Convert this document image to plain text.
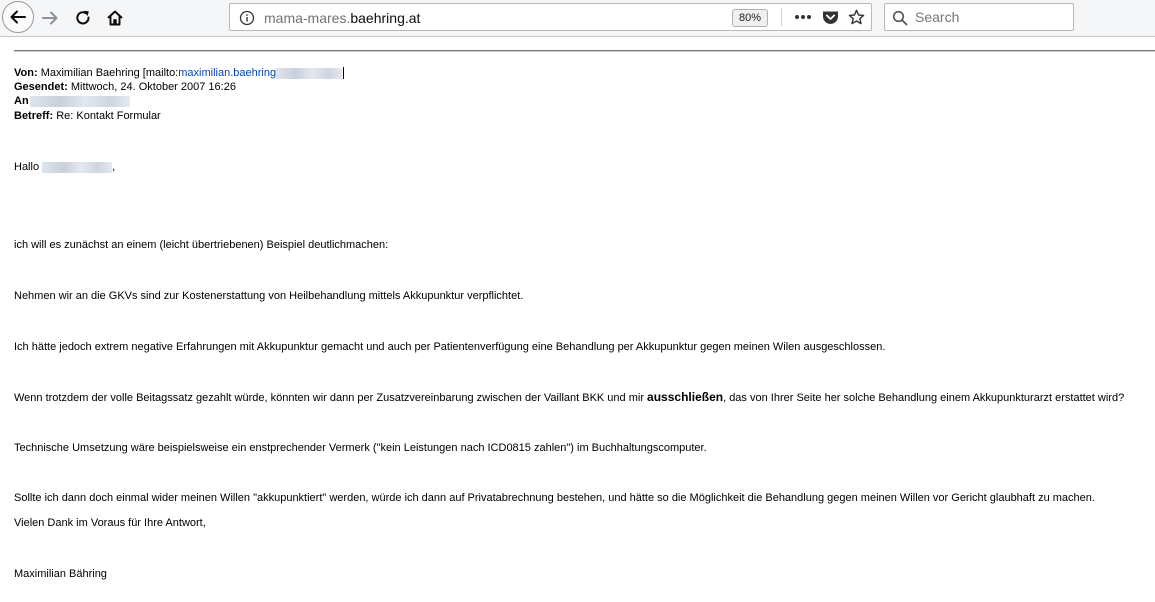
mama-mares.baehring.at	80%
Search
Von: Maximilian Baehring [mailto:maximilian.baehring
Gesendet: Mittwoch, 24. Oktober 2007 16:26
An
Betreff: Re: Kontakt Formular
Hallo	,
ich will es zunächst an einem (leicht übertriebenen) Beispiel deutlichmachen:
Nehmen wir an die GKVs sind zur Kostenerstattung von Heilbehandlung mittels Akkupunktur verpflichtet.
Ich hätte jedoch extrem negative Erfahrungen mit Akkupunktur gemacht und auch per Patientenverfügung eine Behandlung per Akkupunktur gegen meinen Wilen ausgeschlossen.
Wenn trotzdem der volle Beitagssatz gezahlt würde, könnten wir dann per Zusatzvereinbarung zwischen der Vaillant BKK und mir ausschließen, das von Ihrer Seite her solche Behandlung einem Akkupunkturarzt erstattet wird?
Technische Umsetzung wäre beispielsweise ein enstprechender Vermerk ("kein Leistungen nach ICD0815 zahlen") im Buchhaltungscomputer.
Sollte ich dann doch einmal wider meinen Willen "akkupunktiert" werden, würde ich dann auf Privatabrechnung bestehen, und hätte so die Möglichkeit die Behandlung gegen meinen Willen vor Gericht glaubhaft zu machen.
Vielen Dank im Voraus für Ihre Antwort,
Maximilian Bähring
